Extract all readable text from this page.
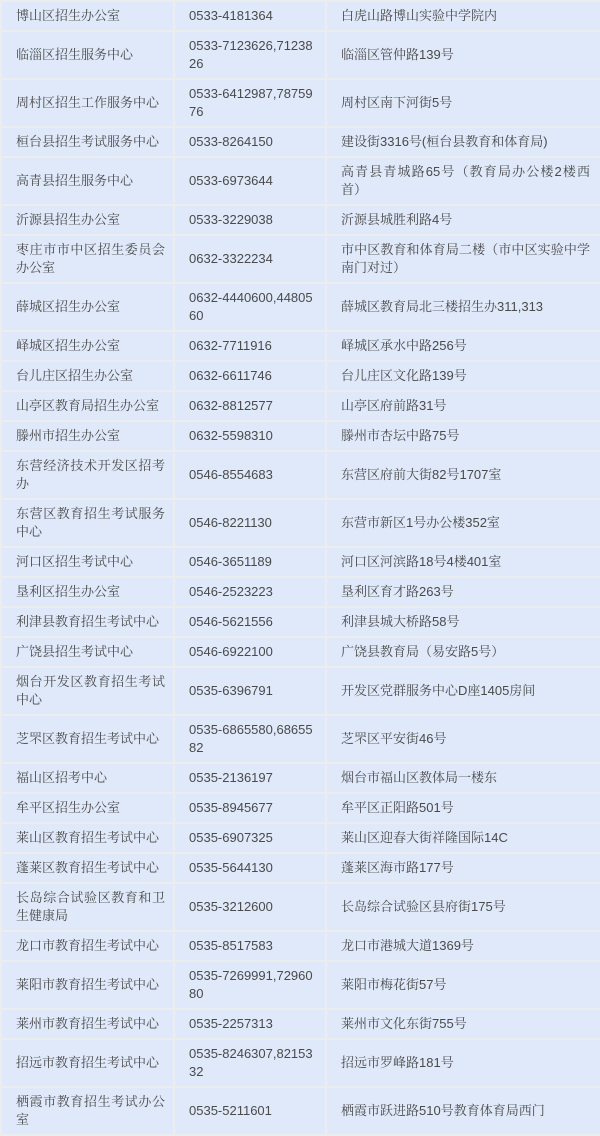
博山区招生办公室	0533-4181364	白虎山路博山实验中学院内
临淄区招生服务中心	0533-7123626,7123826	临淄区管仲路139号
周村区招生工作服务中心	0533-6412987,7875976	周村区南下河街5号
桓台县招生考试服务中心	0533-8264150	建设街3316号(桓台县教育和体育局)
高青县招生服务中心	0533-6973644	高青县青城路65号（教育局办公楼2楼西首）
沂源县招生办公室	0533-3229038	沂源县城胜利路4号
枣庄市市中区招生委员会办公室	0632-3322234	市中区教育和体育局二楼（市中区实验中学南门对过）
薛城区招生办公室	0632-4440600,4480560	薛城区教育局北三楼招生办311,313
峄城区招生办公室	0632-7711916	峄城区承水中路256号
台儿庄区招生办公室	0632-6611746	台儿庄区文化路139号
山亭区教育局招生办公室	0632-8812577	山亭区府前路31号
滕州市招生办公室	0632-5598310	滕州市杏坛中路75号
东营经济技术开发区招考办	0546-8554683	东营区府前大街82号1707室
东营区教育招生考试服务中心	0546-8221130	东营市新区1号办公楼352室
河口区招生考试中心	0546-3651189	河口区河滨路18号4楼401室
垦利区招生办公室	0546-2523223	垦利区育才路263号
利津县教育招生考试中心	0546-5621556	利津县城大桥路58号
广饶县招生考试中心	0546-6922100	广饶县教育局（易安路5号）
烟台开发区教育招生考试中心	0535-6396791	开发区党群服务中心D座1405房间
芝罘区教育招生考试中心	0535-6865580,6865582	芝罘区平安街46号
福山区招考中心	0535-2136197	烟台市福山区教体局一楼东
牟平区招生办公室	0535-8945677	牟平区正阳路501号
莱山区教育招生考试中心	0535-6907325	莱山区迎春大街祥隆国际14C
蓬莱区教育招生考试中心	0535-5644130	蓬莱区海市路177号
长岛综合试验区教育和卫生健康局	0535-3212600	长岛综合试验区县府街175号
龙口市教育招生考试中心	0535-8517583	龙口市港城大道1369号
莱阳市教育招生考试中心	0535-7269991,7296080	莱阳市梅花街57号
莱州市教育招生考试中心	0535-2257313	莱州市文化东街755号
招远市教育招生考试中心	0535-8246307,8215332	招远市罗峰路181号
栖霞市教育招生考试办公室	0535-5211601	栖霞市跃进路510号教育体育局西门
